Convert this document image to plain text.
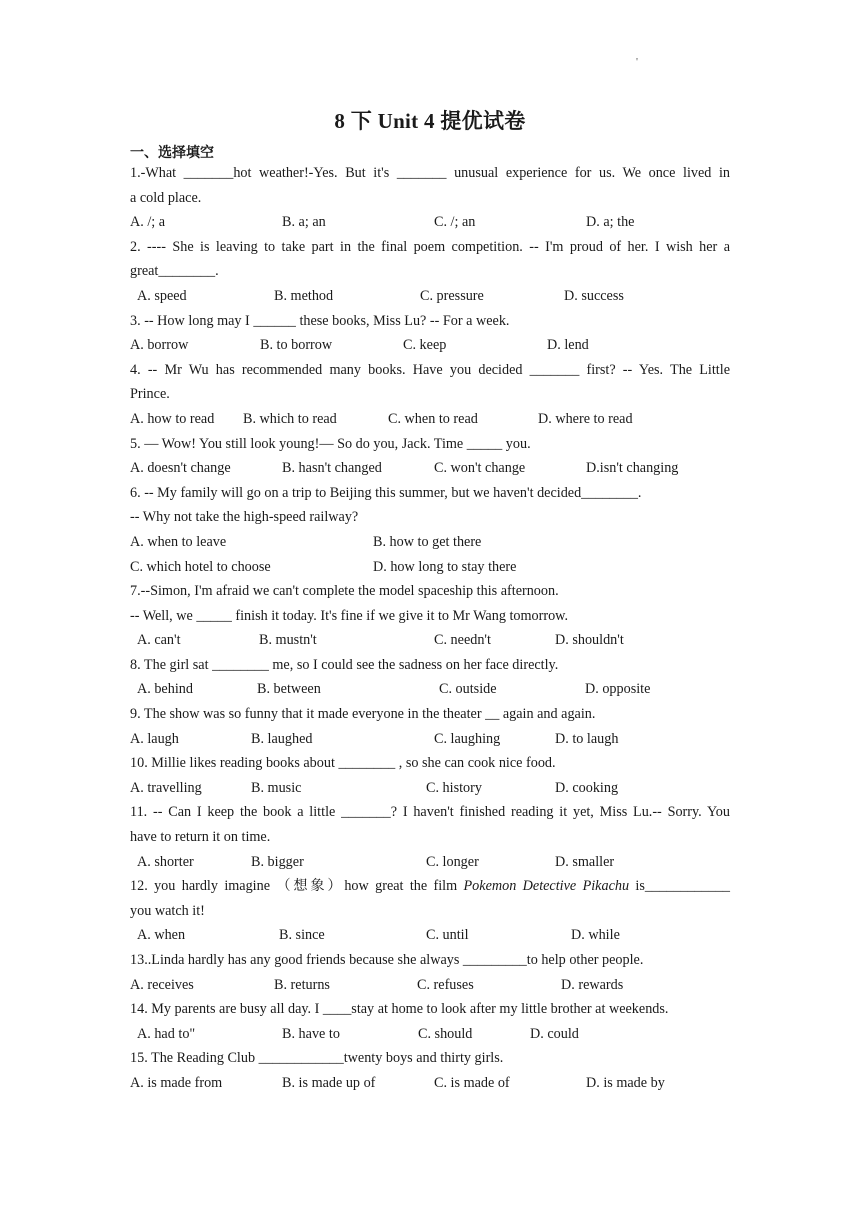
'
8 下 Unit 4 提优试卷
一、选择填空
1.-What _______hot weather!-Yes. But it's _______ unusual experience for us. We once lived in
a cold place.
A. /; a	B. a; an	C. /; an	D. a; the
2. ---- She is leaving to take part in the final poem competition. -- I'm proud of her. I wish her a
great________.
A. speed	B. method	C. pressure	D. success
3. -- How long may I ______ these books, Miss Lu? -- For a week.
A. borrow	B. to borrow	C. keep	D. lend
4. -- Mr Wu has recommended many books. Have you decided _______ first? -- Yes. The Little
Prince.
A. how to read B. which to read	C. when to read	D. where to read
5. — Wow! You still look young!— So do you, Jack. Time _____ you.
A. doesn't change	B. hasn't changed	C. won't change	D.isn't changing
6. -- My family will go on a trip to Beijing this summer, but we haven't decided________.
-- Why not take the high-speed railway?
A. when to leave	B. how to get there
C. which hotel to choose	D. how long to stay there
7.--Simon, I'm afraid we can't complete the model spaceship this afternoon.
-- Well, we _____ finish it today. It's fine if we give it to Mr Wang tomorrow.
A. can't	B. mustn't	C. needn't	D. shouldn't
8. The girl sat ________ me, so I could see the sadness on her face directly.
A. behind	B. between	C. outside	D. opposite
9. The show was so funny that it made everyone in the theater __ again and again.
A. laugh	B. laughed	C. laughing	D. to laugh
10. Millie likes reading books about ________ , so she can cook nice food.
A. travelling	B. music	C. history	D. cooking
11. -- Can I keep the book a little _______? I haven't finished reading it yet, Miss Lu.-- Sorry. You
have to return it on time.
A. shorter	B. bigger	C. longer	D. smaller
12. you hardly imagine （想象）how great the film Pokemon Detective Pikachu is____________
you watch it!
A. when	B. since	C. until	D. while
13..Linda hardly has any good friends because she always _________to help other people.
A. receives	B. returns	C. refuses	D. rewards
14. My parents are busy all day. I ____stay at home to look after my little brother at weekends.
A. had to"	B. have to	C. should	D. could
15. The Reading Club ____________twenty boys and thirty girls.
A. is made from	B. is made up of	C. is made of	D. is made by
